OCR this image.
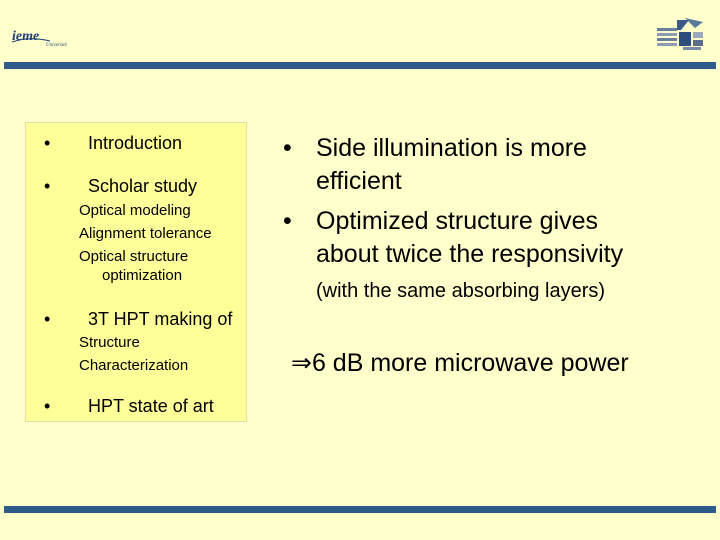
ieme
Université
• Introduction
• Scholar study
Optical modeling
Alignment tolerance
Optical structure
optimization
• 3T HPT making of
Structure
Characterization
• HPT state of art
• Side illumination is more
efficient
• Optimized structure gives
about twice the responsivity
(with the same absorbing layers)
⇒6 dB more microwave power
